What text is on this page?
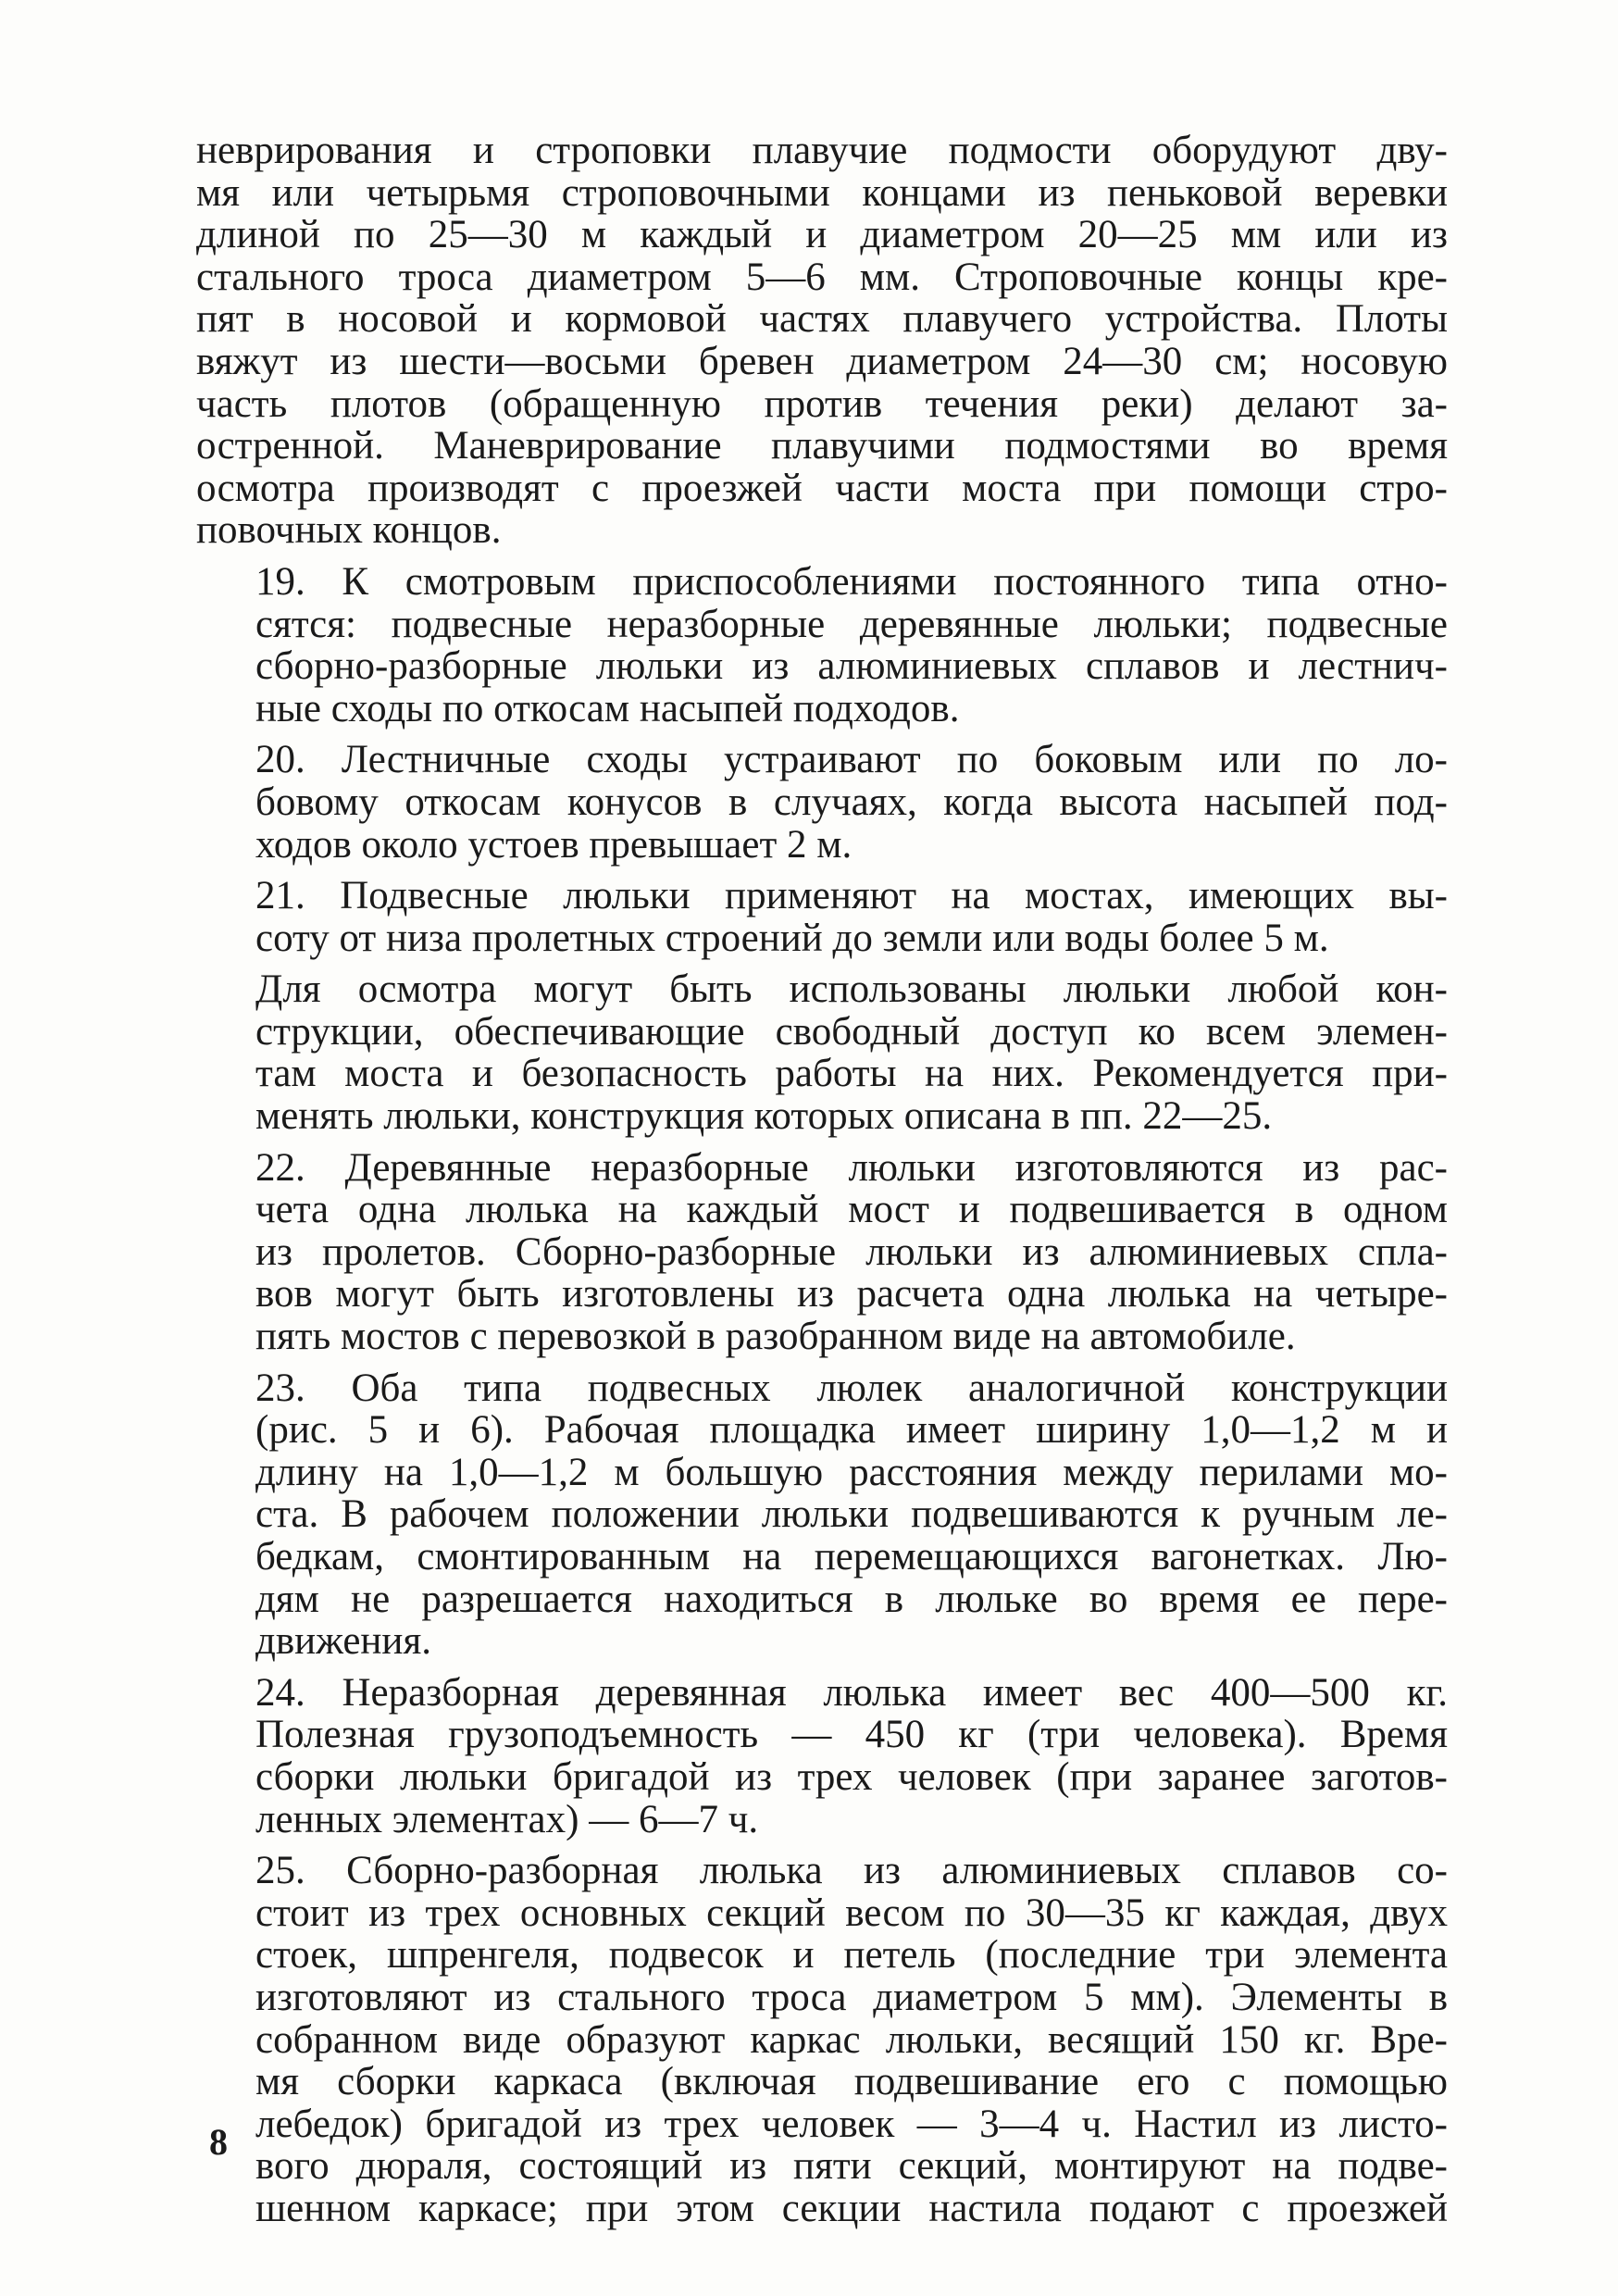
неврирования и строповки плавучие подмости оборудуют дву-
мя или четырьмя строповочными концами из пеньковой веревки
длиной по 25—30 м каждый и диаметром 20—25 мм или из
стального троса диаметром 5—6 мм. Строповочные концы кре-
пят в носовой и кормовой частях плавучего устройства. Плоты
вяжут из шести—восьми бревен диаметром 24—30 см; носовую
часть плотов (обращенную против течения реки) делают за-
остренной. Маневрирование плавучими подмостями во время
осмотра производят с проезжей части моста при помощи стро-
повочных концов.

19. К смотровым приспособлениями постоянного типа отно-
сятся: подвесные неразборные деревянные люльки; подвесные
сборно-разборные люльки из алюминиевых сплавов и лестнич-
ные сходы по откосам насыпей подходов.

20. Лестничные сходы устраивают по боковым или по ло-
бовому откосам конусов в случаях, когда высота насыпей под-
ходов около устоев превышает 2 м.

21. Подвесные люльки применяют на мостах, имеющих вы-
соту от низа пролетных строений до земли или воды более 5 м.

Для осмотра могут быть использованы люльки любой кон-
струкции, обеспечивающие свободный доступ ко всем элемен-
там моста и безопасность работы на них. Рекомендуется при-
менять люльки, конструкция которых описана в пп. 22—25.

22. Деревянные неразборные люльки изготовляются из рас-
чета одна люлька на каждый мост и подвешивается в одном
из пролетов. Сборно-разборные люльки из алюминиевых спла-
вов могут быть изготовлены из расчета одна люлька на четыре-
пять мостов с перевозкой в разобранном виде на автомобиле.

23. Оба типа подвесных люлек аналогичной конструкции
(рис. 5 и 6). Рабочая площадка имеет ширину 1,0—1,2 м и
длину на 1,0—1,2 м большую расстояния между перилами мо-
ста. В рабочем положении люльки подвешиваются к ручным ле-
бедкам, смонтированным на перемещающихся вагонетках. Лю-
дям не разрешается находиться в люльке во время ее пере-
движения.

24. Неразборная деревянная люлька имеет вес 400—500 кг.
Полезная грузоподъемность — 450 кг (три человека). Время
сборки люльки бригадой из трех человек (при заранее заготов-
ленных элементах) — 6—7 ч.

25. Сборно-разборная люлька из алюминиевых сплавов со-
стоит из трех основных секций весом по 30—35 кг каждая, двух
стоек, шпренгеля, подвесок и петель (последние три элемента
изготовляют из стального троса диаметром 5 мм). Элементы в
собранном виде образуют каркас люльки, весящий 150 кг. Вре-
мя сборки каркаса (включая подвешивание его с помощью
лебедок) бригадой из трех человек — 3—4 ч. Настил из листо-
вого дюраля, состоящий из пяти секций, монтируют на подве-
шенном каркасе; при этом секции настила подают с проезжей

8
